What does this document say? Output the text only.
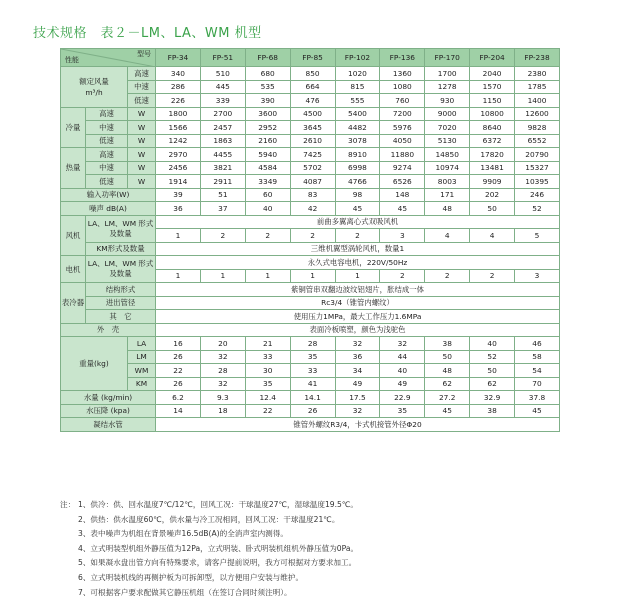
技术规格　表２－LM、LA、WM 机型
型号
性能			FP-34	FP-51	FP-68	FP-85	FP-102	FP-136	FP-170	FP-204	FP-238

额定风量
m³/h		高速	340	510	680	850	1020	1360	1700	2040	2380
		中速	286	445	535	664	815	1080	1278	1570	1785
		低速	226	339	390	476	555	760	930	1150	1400
冷量	高速	W	1800	2700	3600	4500	5400	7200	9000	10800	12600
	中速	W	1566	2457	2952	3645	4482	5976	7020	8640	9828
	低速	W	1242	1863	2160	2610	3078	4050	5130	6372	6552
热量	高速	W	2970	4455	5940	7425	8910	11880	14850	17820	20790
	中速	W	2456	3821	4584	5702	6998	9274	10974	13481	15327
	低速	W	1914	2911	3349	4087	4766	6526	8003	9909	10395
输入功率(W)			39	51	60	83	98	148	171	202	246
噪声 dB(A)			36	37	40	42	45	45	48	50	52
风机	LA、LM、WM 形式及数量		前曲多翼离心式双吸风机								
			1	2	2	2	2	3	4	4	5
	KM形式及数量		三维机翼型涡轮风机，数量1								
电机	LA、LM、WM 形式及数量		永久式电容电机，220V/50Hz								
			1	1	1	1	1	2	2	2	3
表冷器	结构形式		紫铜管串双翻边波纹铝翅片，胀结成一体								
	进出管径		Rc3/4（锥管内螺纹）								
	其　它		使用压力1MPa，最大工作压力1.6MPa								
外　壳			表面冷板喷塑，颜色为浅驼色								
重量(kg)		LA	16	20	21	28	32	32	38	40	46
		LM	26	32	33	35	36	44	50	52	58
		WM	22	28	30	33	34	40	48	50	54
		KM	26	32	35	41	49	49	62	62	70
水量 (kg/min)			6.2	9.3	12.4	14.1	17.5	22.9	27.2	32.9	37.8
水压降 (kpa)			14	18	22	26	32	35	45	38	45
凝结水管			锥管外螺纹R3/4，卡式机接管外径Φ20								
注： 1、供冷：供、回水温度7℃/12℃，回风工况：干球温度27℃，湿球温度19.5℃。
2、供热：供水温度60℃，供水量与冷工况相同，回风工况：干球温度21℃。
3、表中噪声为机组在背景噪声16.5dB(A)的全消声室内测得。
4、立式明装型机组外静压值为12Pa，立式明装、卧式明装机组机外静压值为0Pa。
5、如果凝水盘出管方向有特殊要求，请客户提前说明，我方可根据对方要求加工。
6、立式明装机线的再侧护板为可拆卸型，以方便用户安装与维护。
7、可根据客户要求配做其它静压机组（在签订合同时须注明）。
